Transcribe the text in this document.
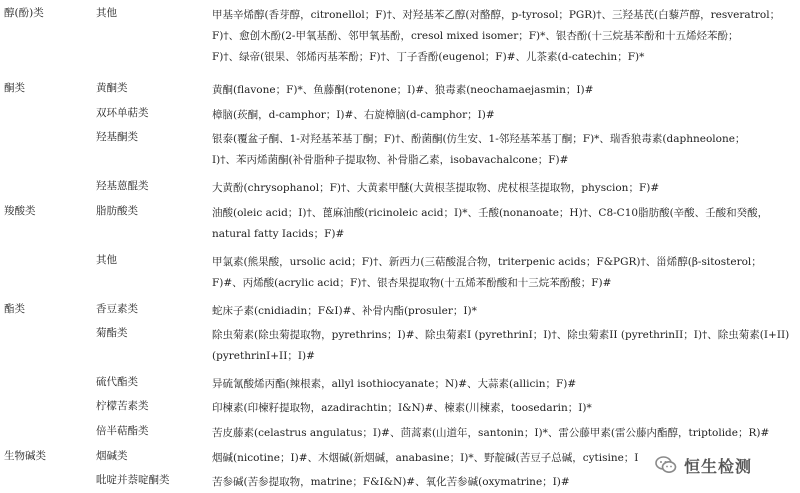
醇(酚)类	其他	甲基辛烯醇(香芽醇，citronellol；F)†、对羟基苯乙醇(对酪醇，p-tyrosol；PGR)†、三羟基芪(白藜芦醇，resveratrol；
F)†、愈创木酚(2-甲氧基酚、邻甲氧基酚，cresol mixed isomer；F)*、银杏酚(十三烷基苯酚和十五烯烃苯酚；
F)†、绿帝(银果、邻烯丙基苯酚；F)†、丁子香酚(eugenol；F)#、儿茶素(d-catechin；F)*
酮类	黄酮类	黄酮(flavone；F)*、鱼藤酮(rotenone；I)#、狼毒素(neochamaejasmin；I)#
双环单萜类	樟脑(莰酮，d-camphor；I)#、右旋樟脑(d-camphor；I)#
羟基酮类	银泰(覆盆子酮、1-对羟基苯基丁酮；F)†、酚菌酮(仿生安、1-邻羟基苯基丁酮；F)*、瑞香狼毒素(daphneolone；
I)†、苯丙烯菌酮(补骨脂种子提取物、补骨脂乙素，isobavachalcone；F)#
羟基蒽醌类	大黄酚(chrysophanol；F)†、大黄素甲醚(大黄根茎提取物、虎杖根茎提取物，physcion；F)#
羧酸类	脂肪酸类	油酸(oleic acid；I)†、蓖麻油酸(ricinoleic acid；I)*、壬酸(nonanoate；H)†、C8-C10脂肪酸(辛酸、壬酸和癸酸，
natural fatty Iacids；F)#
其他	甲氯素(熊果酸，ursolic acid；F)†、新西力(三萜酸混合物，triterpenic acids；F&PGR)†、甾烯醇(β-sitosterol；
F)#、丙烯酸(acrylic acid；F)†、银杏果提取物(十五烯苯酚酸和十三烷苯酚酸；F)#
酯类	香豆素类	蛇床子素(cnidiadin；F&I)#、补骨内酯(prosuler；I)*
菊酯类	除虫菊素(除虫菊提取物，pyrethrins；I)#、除虫菊素I (pyrethrinI；I)†、除虫菊素II (pyrethrinII；I)†、除虫菊素(I+II)
(pyrethrinI+II；I)#
硫代酯类	异硫氰酸烯丙酯(辣根素，allyl isothiocyanate；N)#、大蒜素(allicin；F)#
柠檬苦素类	印楝素(印楝籽提取物，azadirachtin；I&N)#、楝素(川楝素，toosedarin；I)*
倍半萜酯类	苦皮藤素(celastrus angulatus；I)#、茴蒿素(山道年，santonin；I)*、雷公藤甲素(雷公藤内酯醇，triptolide；R)#
生物碱类	烟碱类	烟碱(nicotine；I)#、木烟碱(新烟碱，anabasine；I)*、野靛碱(苦豆子总碱，cytisine；I
吡啶并萘啶酮类	苦参碱(苦参提取物，matrine；F&I&N)#、氧化苦参碱(oxymatrine；I)#
恒生检测
